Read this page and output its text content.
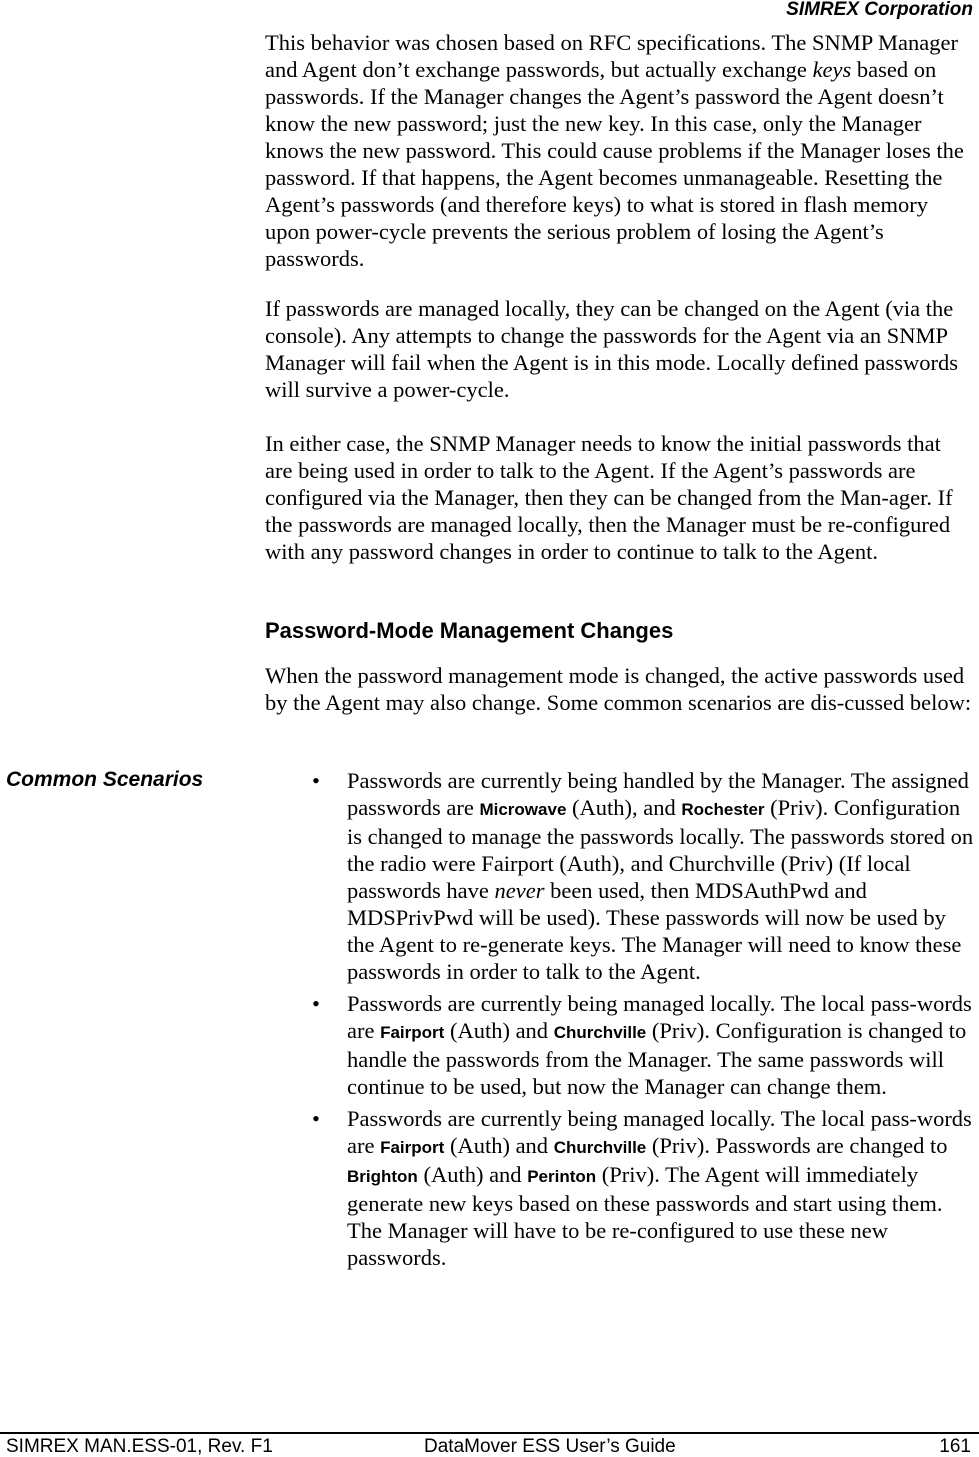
SIMREX Corporation

This behavior was chosen based on RFC specifications. The SNMP Manager and Agent don’t exchange passwords, but actually exchange keys based on passwords. If the Manager changes the Agent’s password the Agent doesn’t know the new password; just the new key. In this case, only the Manager knows the new password. This could cause problems if the Manager loses the password. If that happens, the Agent becomes unmanageable. Resetting the Agent’s passwords (and therefore keys) to what is stored in flash memory upon power-cycle prevents the serious problem of losing the Agent’s passwords.

If passwords are managed locally, they can be changed on the Agent (via the console). Any attempts to change the passwords for the Agent via an SNMP Manager will fail when the Agent is in this mode. Locally defined passwords will survive a power-cycle.

In either case, the SNMP Manager needs to know the initial passwords that are being used in order to talk to the Agent. If the Agent’s passwords are configured via the Manager, then they can be changed from the Man-ager. If the passwords are managed locally, then the Manager must be re-configured with any password changes in order to continue to talk to the Agent.

Password-Mode Management Changes

When the password management mode is changed, the active passwords used by the Agent may also change. Some common scenarios are dis-cussed below:

Common Scenarios	• Passwords are currently being handled by the Manager. The assigned passwords are Microwave (Auth), and Rochester (Priv). Configuration is changed to manage the passwords locally. The passwords stored on the radio were Fairport (Auth), and Churchville (Priv) (If local passwords have never been used, then MDSAuthPwd and MDSPrivPwd will be used). These passwords will now be used by the Agent to re-generate keys. The Manager will need to know these passwords in order to talk to the Agent.
• Passwords are currently being managed locally. The local pass-words are Fairport (Auth) and Churchville (Priv). Configuration is changed to handle the passwords from the Manager. The same passwords will continue to be used, but now the Manager can change them.
• Passwords are currently being managed locally. The local pass-words are Fairport (Auth) and Churchville (Priv). Passwords are changed to Brighton (Auth) and Perinton (Priv). The Agent will immediately generate new keys based on these passwords and start using them. The Manager will have to be re-configured to use these new passwords.
SIMREX MAN.ESS-01, Rev. F1	DataMover ESS User’s Guide	161
